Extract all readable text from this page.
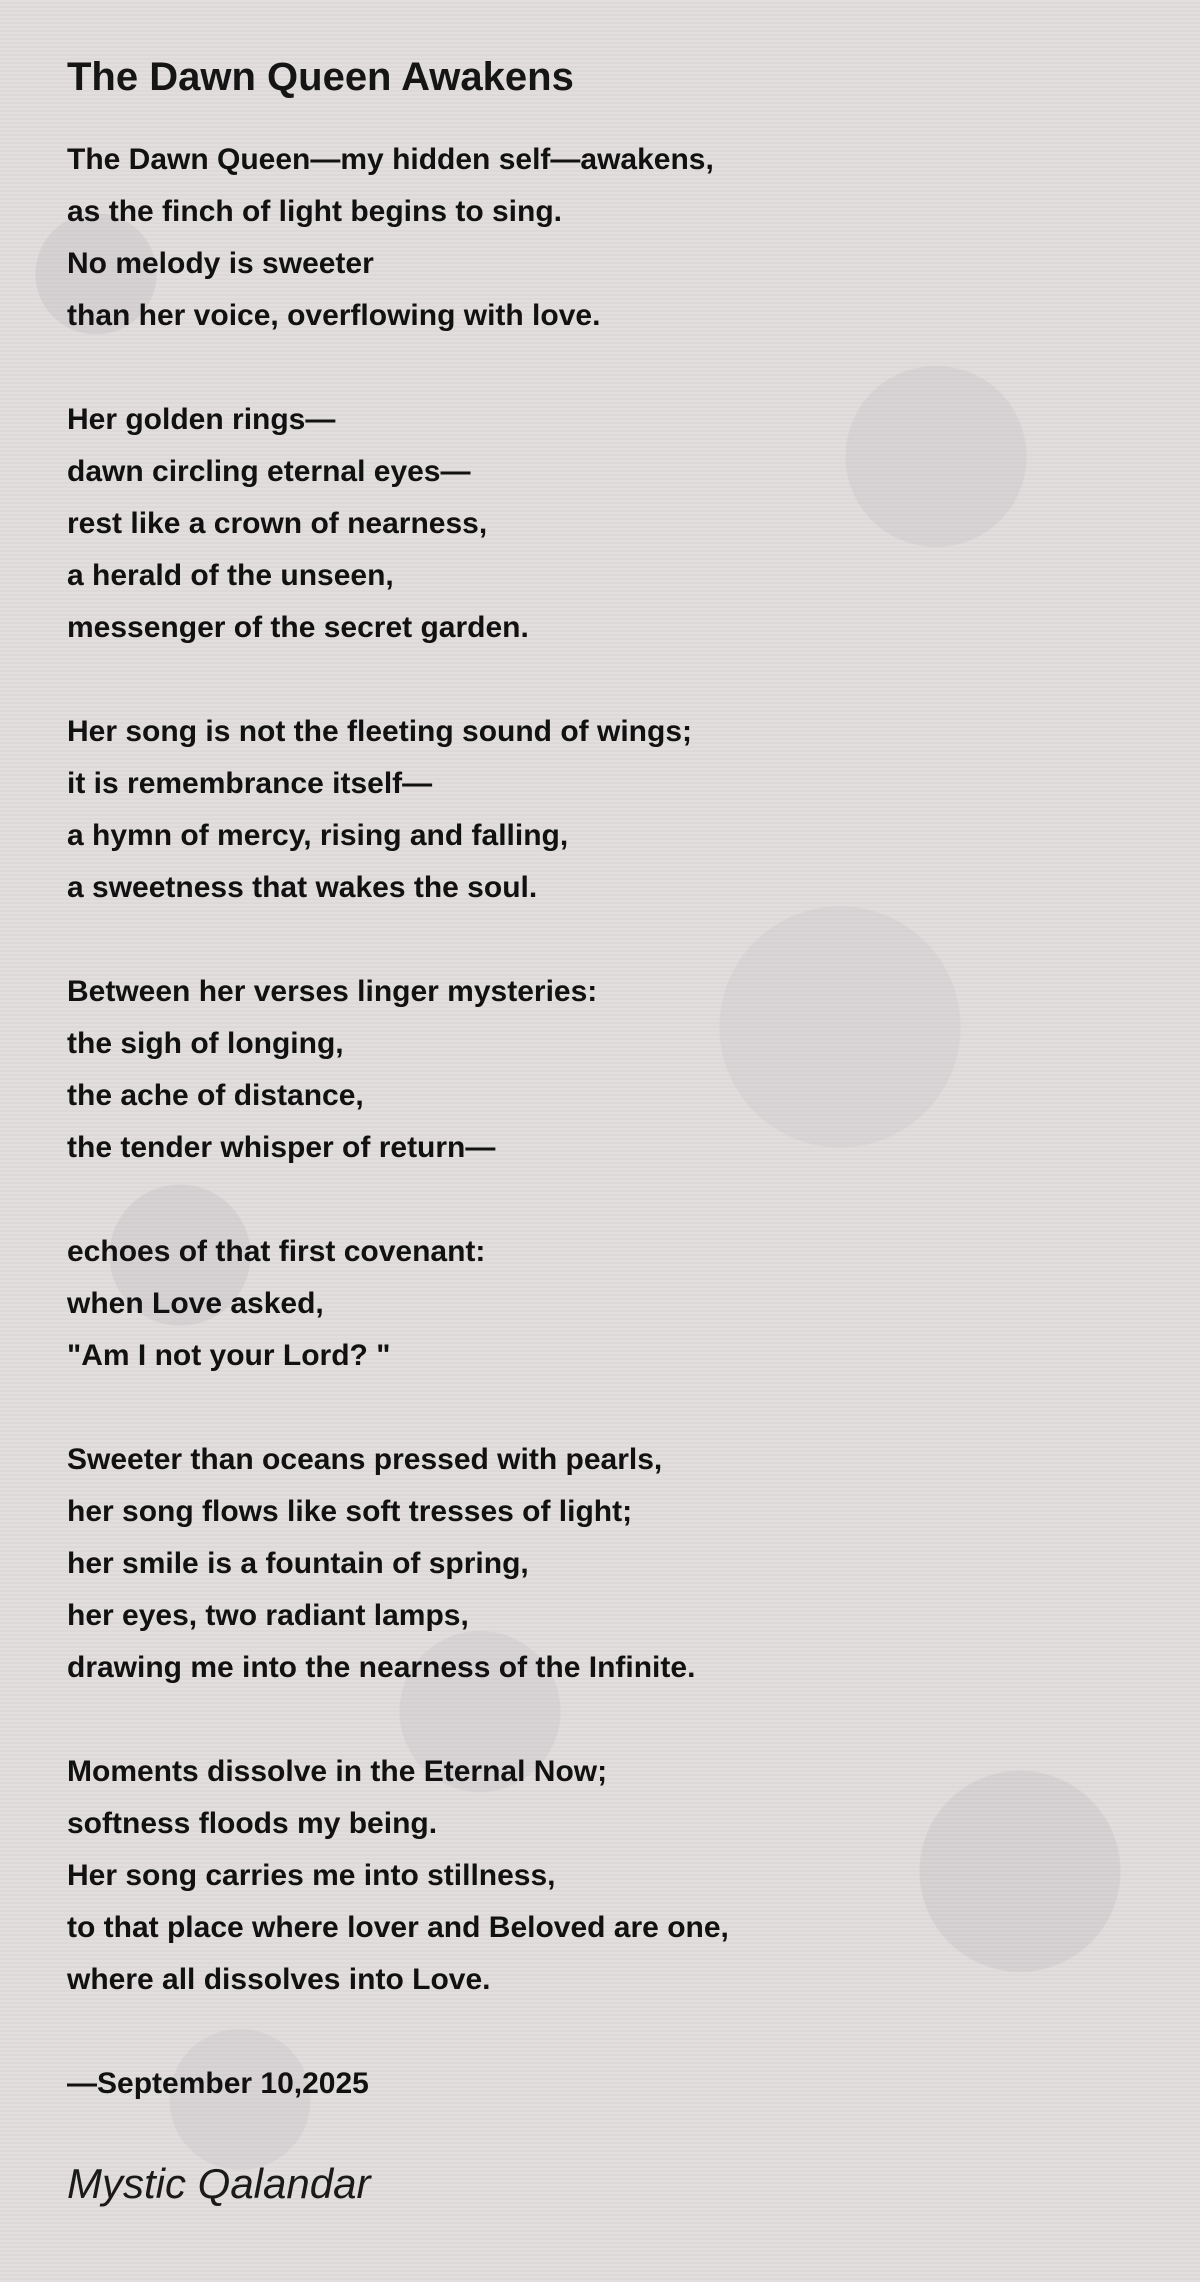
The Dawn Queen Awakens
The Dawn Queen—my hidden self—awakens,
as the finch of light begins to sing.
No melody is sweeter
than her voice, overflowing with love.
Her golden rings—
dawn circling eternal eyes—
rest like a crown of nearness,
a herald of the unseen,
messenger of the secret garden.
Her song is not the fleeting sound of wings;
it is remembrance itself—
a hymn of mercy, rising and falling,
a sweetness that wakes the soul.
Between her verses linger mysteries:
the sigh of longing,
the ache of distance,
the tender whisper of return—
echoes of that first covenant:
when Love asked,
"Am I not your Lord? "
Sweeter than oceans pressed with pearls,
her song flows like soft tresses of light;
her smile is a fountain of spring,
her eyes, two radiant lamps,
drawing me into the nearness of the Infinite.
Moments dissolve in the Eternal Now;
softness floods my being.
Her song carries me into stillness,
to that place where lover and Beloved are one,
where all dissolves into Love.
—September 10,2025
Mystic Qalandar
